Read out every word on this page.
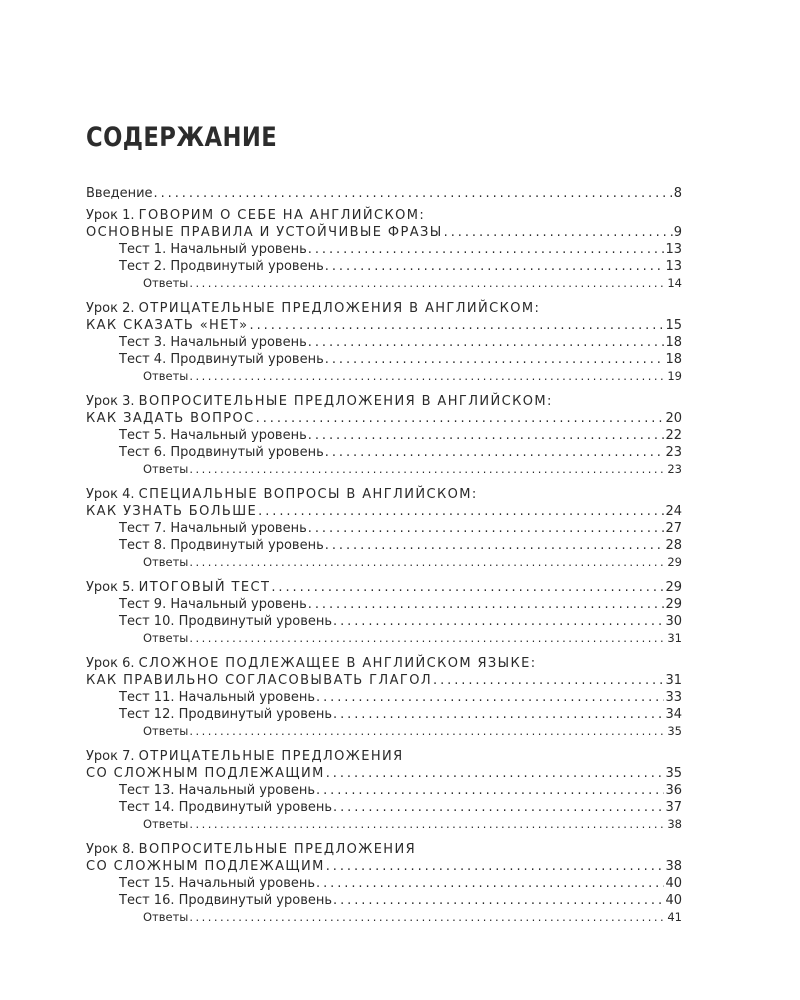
СОДЕРЖАНИЕ
Введение . . .	8
Урок 1. ГОВОРИМ О СЕБЕ НА АНГЛИЙСКОМ:
ОСНОВНЫЕ ПРАВИЛА И УСТОЙЧИВЫЕ ФРАЗЫ . . .	9
Тест 1. Начальный уровень . . .	13
Тест 2. Продвинутый уровень . . .	13
Ответы . . .	14
Урок 2. ОТРИЦАТЕЛЬНЫЕ ПРЕДЛОЖЕНИЯ В АНГЛИЙСКОМ:
КАК СКАЗАТЬ «НЕТ» . . .	15
Тест 3. Начальный уровень . . .	18
Тест 4. Продвинутый уровень . . .	18
Ответы . . .	19
Урок 3. ВОПРОСИТЕЛЬНЫЕ ПРЕДЛОЖЕНИЯ В АНГЛИЙСКОМ:
КАК ЗАДАТЬ ВОПРОС . . .	20
Тест 5. Начальный уровень . . .	22
Тест 6. Продвинутый уровень . . .	23
Ответы . . .	23
Урок 4. СПЕЦИАЛЬНЫЕ ВОПРОСЫ В АНГЛИЙСКОМ:
КАК УЗНАТЬ БОЛЬШЕ . . .	24
Тест 7. Начальный уровень . . .	27
Тест 8. Продвинутый уровень . . .	28
Ответы . . .	29
Урок 5. ИТОГОВЫЙ ТЕСТ . . .	29
Тест 9. Начальный уровень . . .	29
Тест 10. Продвинутый уровень . . .	30
Ответы . . .	31
Урок 6. СЛОЖНОЕ ПОДЛЕЖАЩЕЕ В АНГЛИЙСКОМ ЯЗЫКЕ:
КАК ПРАВИЛЬНО СОГЛАСОВЫВАТЬ ГЛАГОЛ . . .	31
Тест 11. Начальный уровень . . .	33
Тест 12. Продвинутый уровень . . .	34
Ответы . . .	35
Урок 7. ОТРИЦАТЕЛЬНЫЕ ПРЕДЛОЖЕНИЯ
СО СЛОЖНЫМ ПОДЛЕЖАЩИМ . . .	35
Тест 13. Начальный уровень . . .	36
Тест 14. Продвинутый уровень . . .	37
Ответы . . .	38
Урок 8. ВОПРОСИТЕЛЬНЫЕ ПРЕДЛОЖЕНИЯ
СО СЛОЖНЫМ ПОДЛЕЖАЩИМ . . .	38
Тест 15. Начальный уровень . . .	40
Тест 16. Продвинутый уровень . . .	40
Ответы . . .	41
